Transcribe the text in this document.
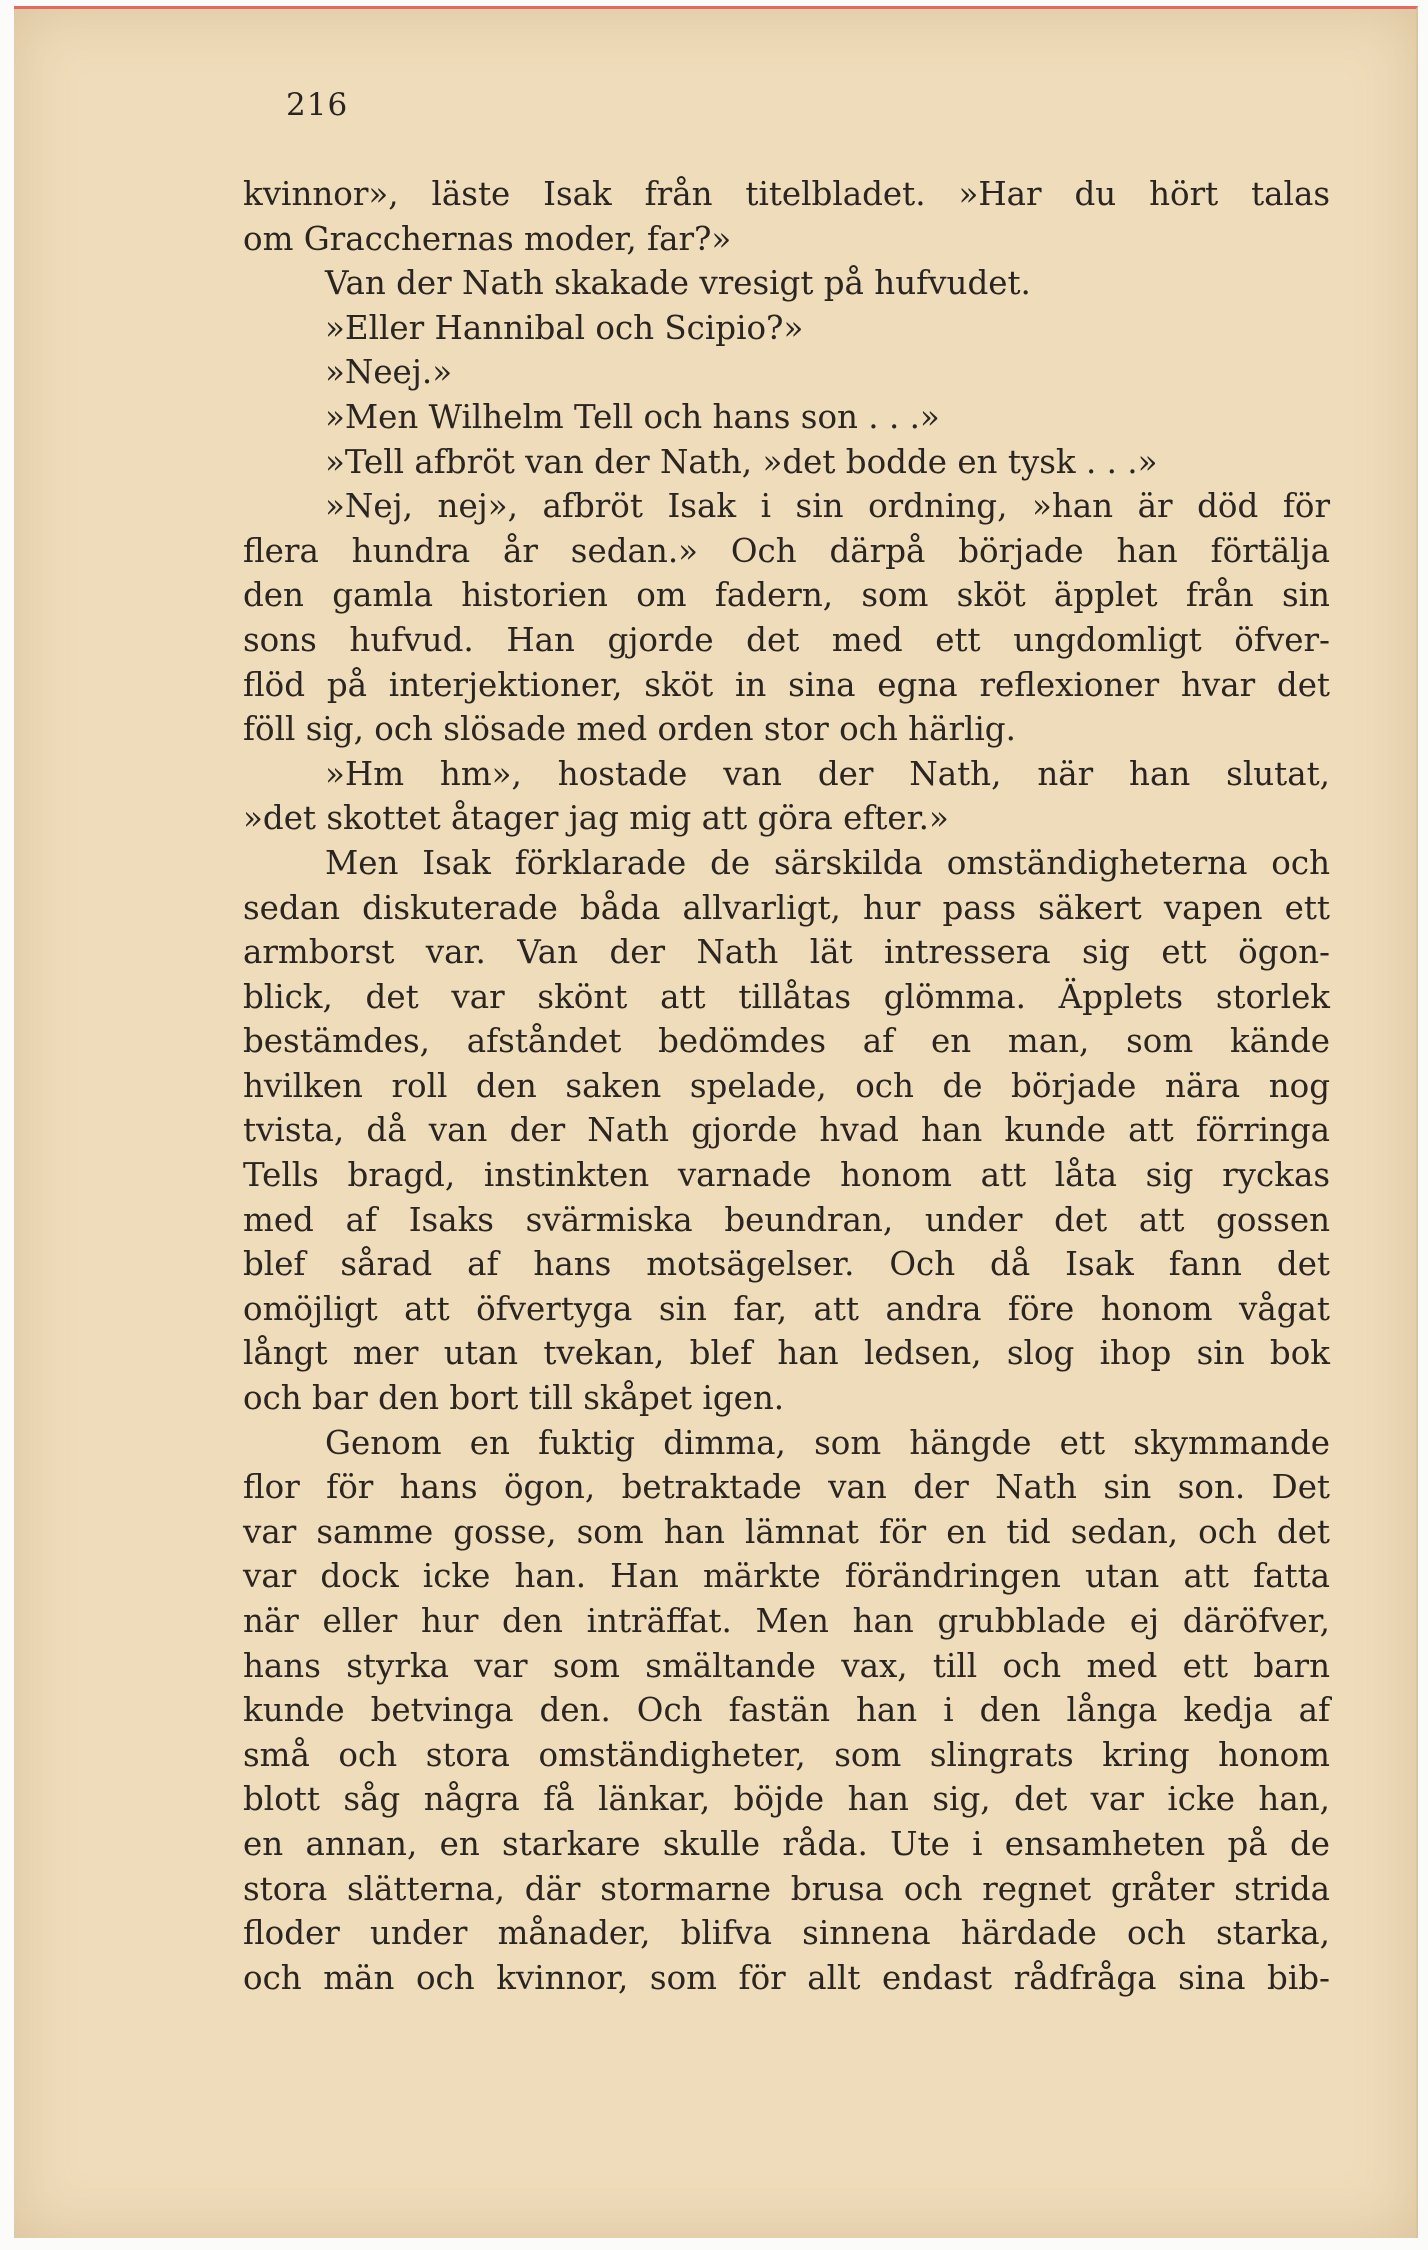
216
kvinnor», läste Isak från titelbladet. »Har du hört talas
om Gracchernas moder, far?»
Van der Nath skakade vresigt på hufvudet.
»Eller Hannibal och Scipio?»
»Neej.»
»Men Wilhelm Tell och hans son . . .»
»Tell afbröt van der Nath, »det bodde en tysk . . .»
»Nej, nej», afbröt Isak i sin ordning, »han är död för
flera hundra år sedan.» Och därpå började han förtälja
den gamla historien om fadern, som sköt äpplet från sin
sons hufvud. Han gjorde det med ett ungdomligt öfver-
flöd på interjektioner, sköt in sina egna reflexioner hvar det
föll sig, och slösade med orden stor och härlig.
»Hm hm», hostade van der Nath, när han slutat,
»det skottet åtager jag mig att göra efter.»
Men Isak förklarade de särskilda omständigheterna och
sedan diskuterade båda allvarligt, hur pass säkert vapen ett
armborst var. Van der Nath lät intressera sig ett ögon-
blick, det var skönt att tillåtas glömma. Äpplets storlek
bestämdes, afståndet bedömdes af en man, som kände
hvilken roll den saken spelade, och de började nära nog
tvista, då van der Nath gjorde hvad han kunde att förringa
Tells bragd, instinkten varnade honom att låta sig ryckas
med af Isaks svärmiska beundran, under det att gossen
blef sårad af hans motsägelser. Och då Isak fann det
omöjligt att öfvertyga sin far, att andra före honom vågat
långt mer utan tvekan, blef han ledsen, slog ihop sin bok
och bar den bort till skåpet igen.
Genom en fuktig dimma, som hängde ett skymmande
flor för hans ögon, betraktade van der Nath sin son. Det
var samme gosse, som han lämnat för en tid sedan, och det
var dock icke han. Han märkte förändringen utan att fatta
när eller hur den inträffat. Men han grubblade ej däröfver,
hans styrka var som smältande vax, till och med ett barn
kunde betvinga den. Och fastän han i den långa kedja af
små och stora omständigheter, som slingrats kring honom
blott såg några få länkar, böjde han sig, det var icke han,
en annan, en starkare skulle råda. Ute i ensamheten på de
stora slätterna, där stormarne brusa och regnet gråter strida
floder under månader, blifva sinnena härdade och starka,
och män och kvinnor, som för allt endast rådfråga sina bib-
